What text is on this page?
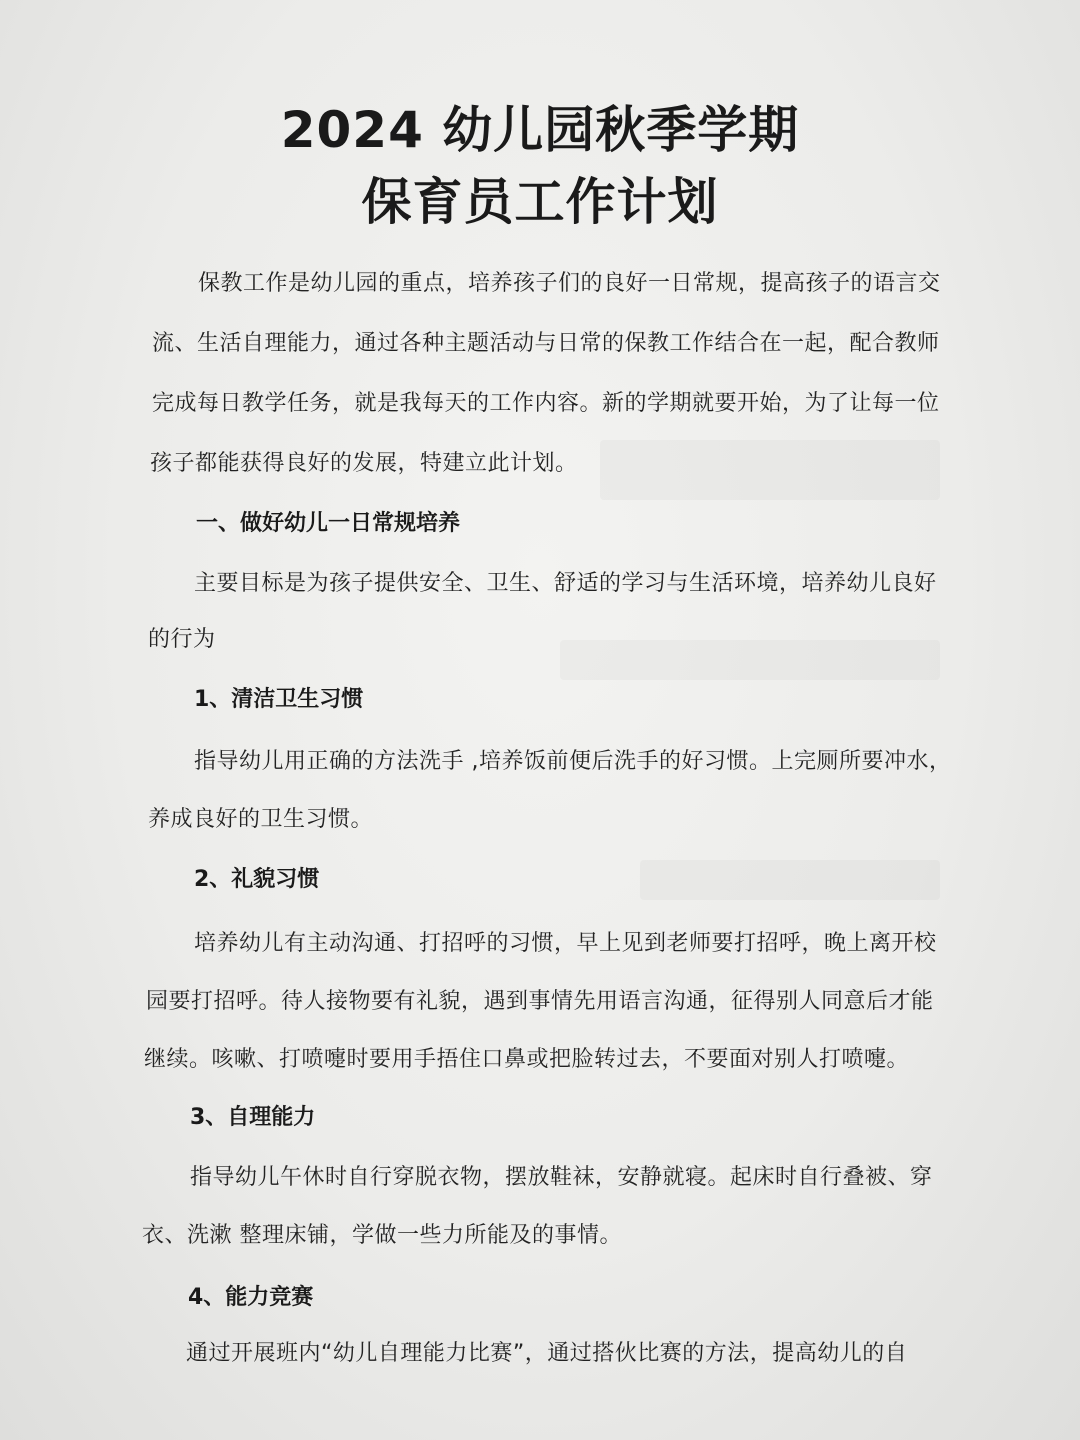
2024 幼儿园秋季学期
保育员工作计划
保教工作是幼儿园的重点，培养孩子们的良好一日常规，提高孩子的语言交
流、生活自理能力，通过各种主题活动与日常的保教工作结合在一起，配合教师
完成每日教学任务，就是我每天的工作内容。新的学期就要开始，为了让每一位
孩子都能获得良好的发展，特建立此计划。
一、做好幼儿一日常规培养
主要目标是为孩子提供安全、卫生、舒适的学习与生活环境，培养幼儿良好
的行为
1、清洁卫生习惯
指导幼儿用正确的方法洗手 ,培养饭前便后洗手的好习惯。上完厕所要冲水，
养成良好的卫生习惯。
2、礼貌习惯
培养幼儿有主动沟通、打招呼的习惯，早上见到老师要打招呼，晚上离开校
园要打招呼。待人接物要有礼貌，遇到事情先用语言沟通，征得别人同意后才能
继续。咳嗽、打喷嚏时要用手捂住口鼻或把脸转过去，不要面对别人打喷嚏。
3、自理能力
指导幼儿午休时自行穿脱衣物，摆放鞋袜，安静就寝。起床时自行叠被、穿
衣、洗漱 整理床铺，学做一些力所能及的事情。
4、能力竞赛
通过开展班内“幼儿自理能力比赛”，通过搭伙比赛的方法，提高幼儿的自
